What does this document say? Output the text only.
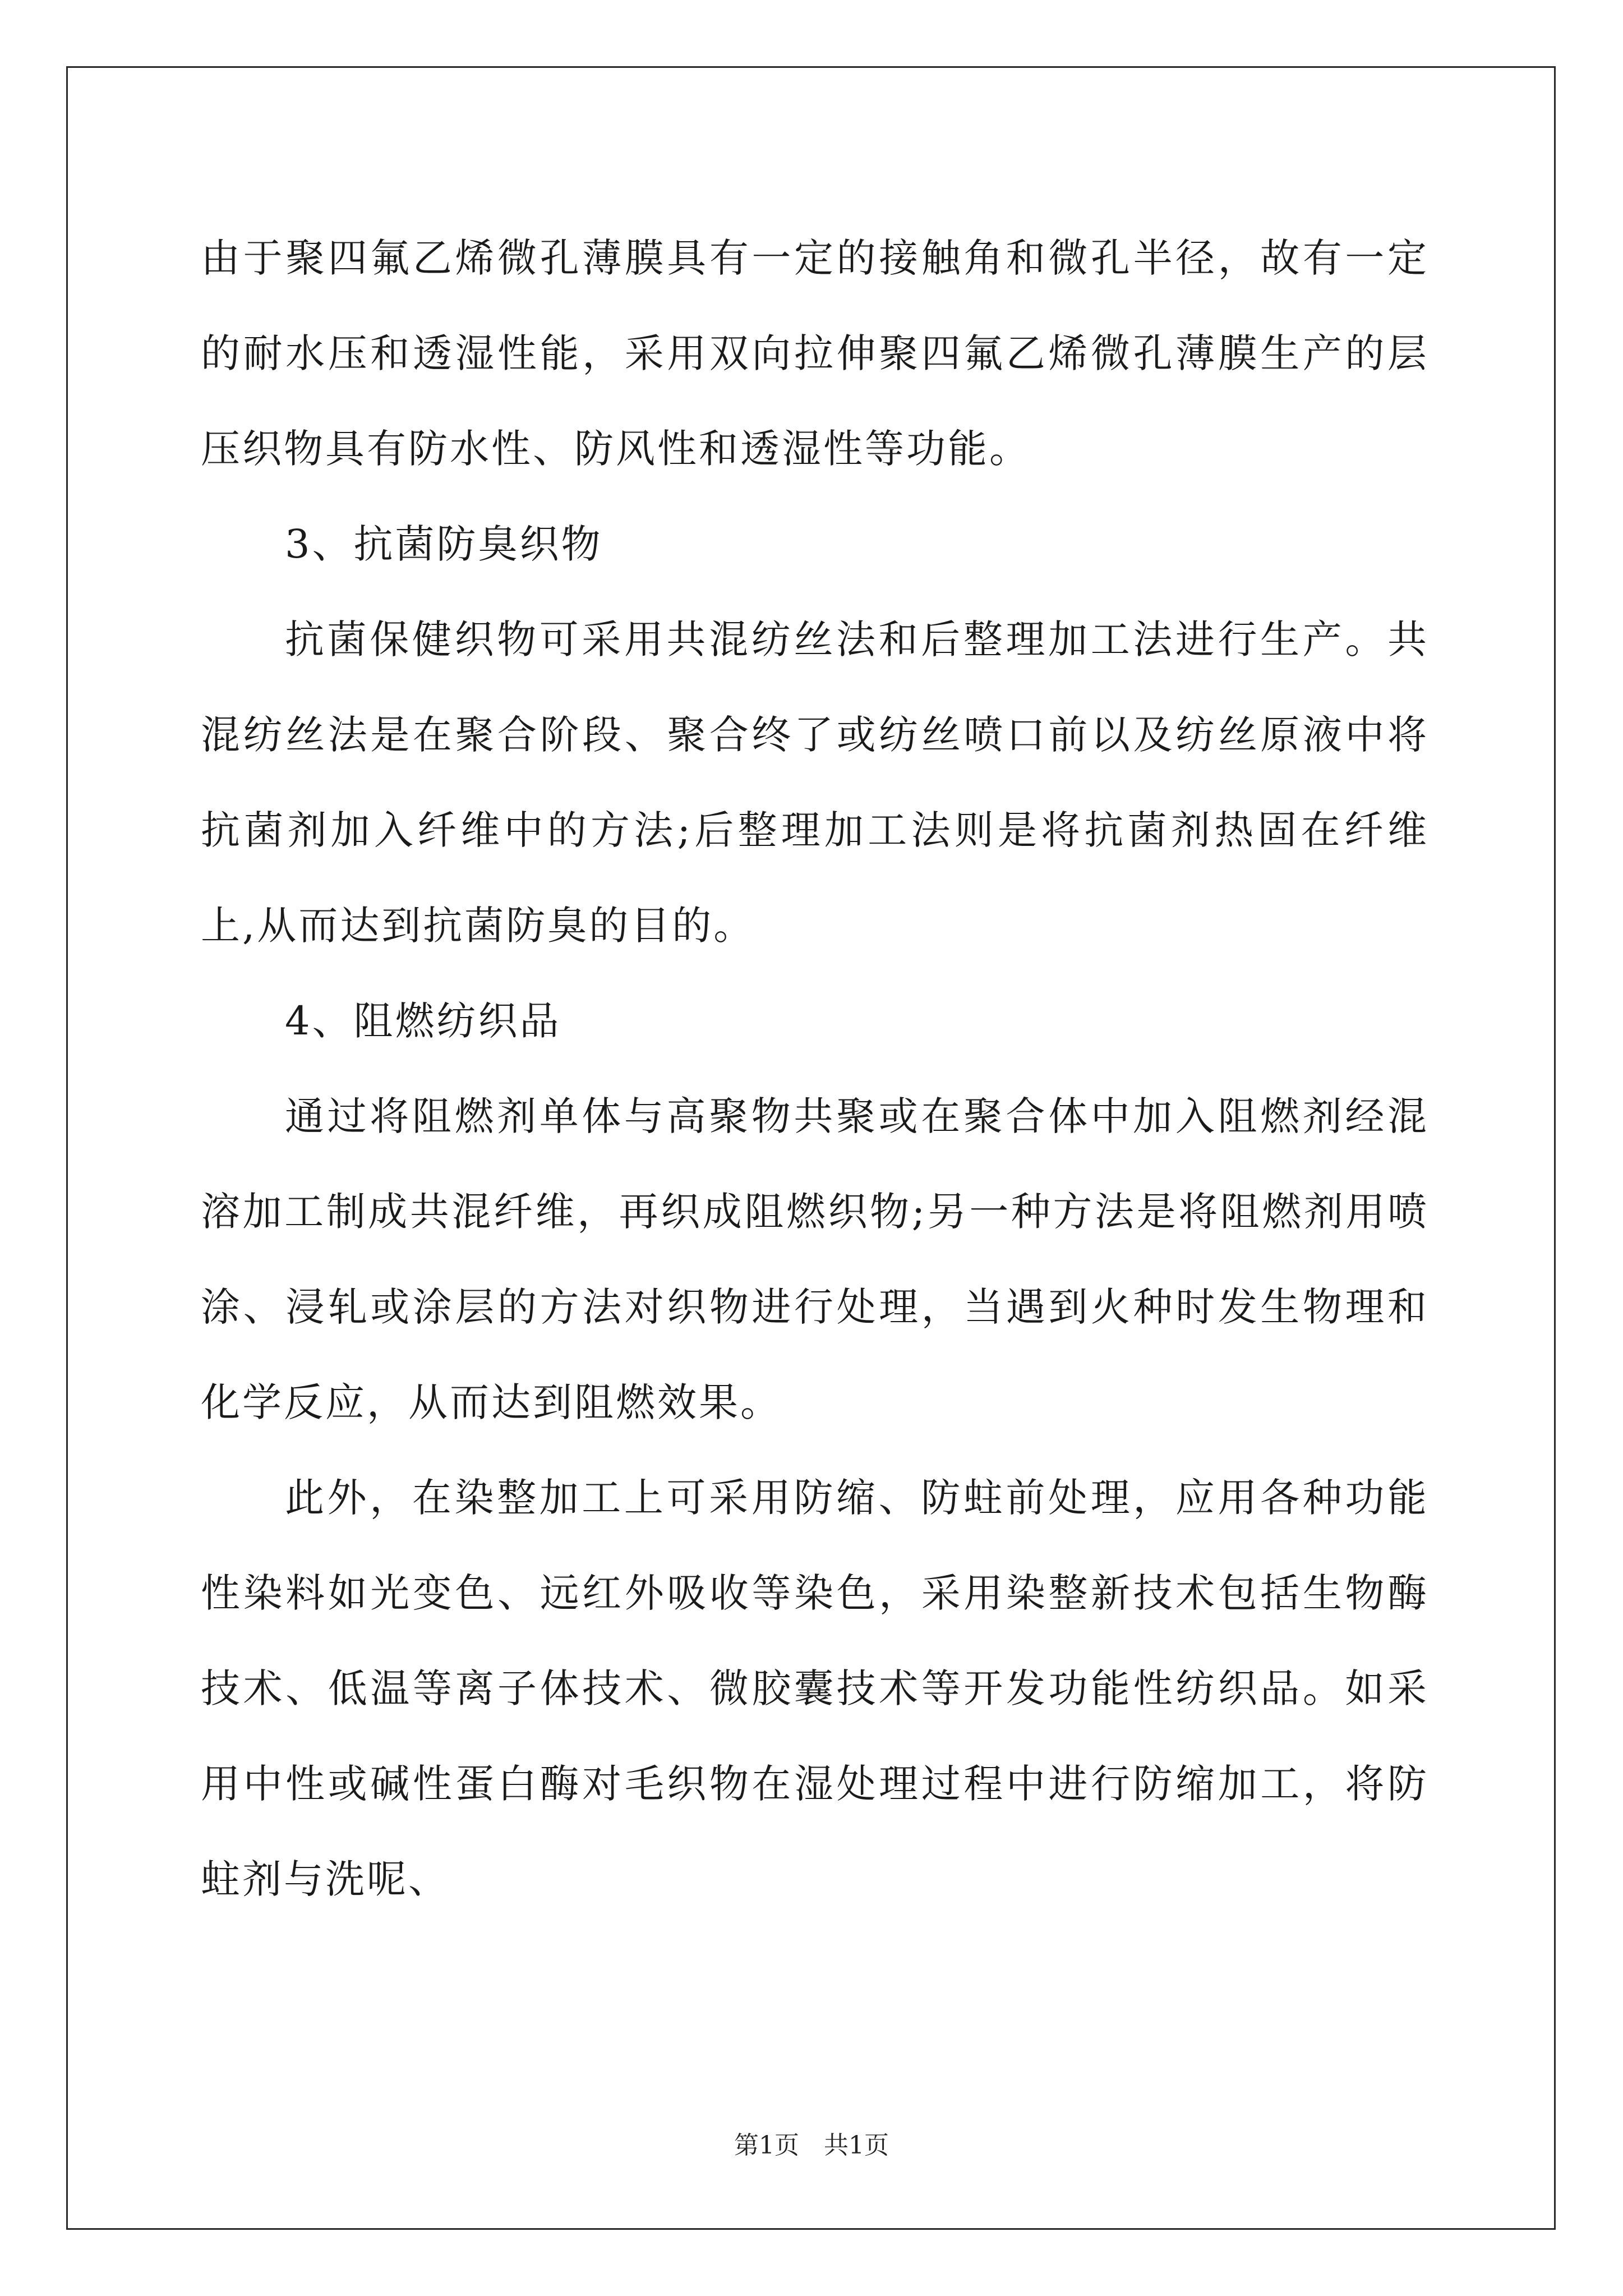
由于聚四氟乙烯微孔薄膜具有一定的接触角和微孔半径，故有一定的耐水压和透湿性能，采用双向拉伸聚四氟乙烯微孔薄膜生产的层压织物具有防水性、防风性和透湿性等功能。

3、抗菌防臭织物

抗菌保健织物可采用共混纺丝法和后整理加工法进行生产。共混纺丝法是在聚合阶段、聚合终了或纺丝喷口前以及纺丝原液中将抗菌剂加入纤维中的方法;后整理加工法则是将抗菌剂热固在纤维上,从而达到抗菌防臭的目的。

4、阻燃纺织品

通过将阻燃剂单体与高聚物共聚或在聚合体中加入阻燃剂经混溶加工制成共混纤维，再织成阻燃织物;另一种方法是将阻燃剂用喷涂、浸轧或涂层的方法对织物进行处理，当遇到火种时发生物理和化学反应，从而达到阻燃效果。

此外，在染整加工上可采用防缩、防蛀前处理，应用各种功能性染料如光变色、远红外吸收等染色，采用染整新技术包括生物酶技术、低温等离子体技术、微胶囊技术等开发功能性纺织品。如采用中性或碱性蛋白酶对毛织物在湿处理过程中进行防缩加工，将防蛀剂与洗呢、

第1页　共1页
